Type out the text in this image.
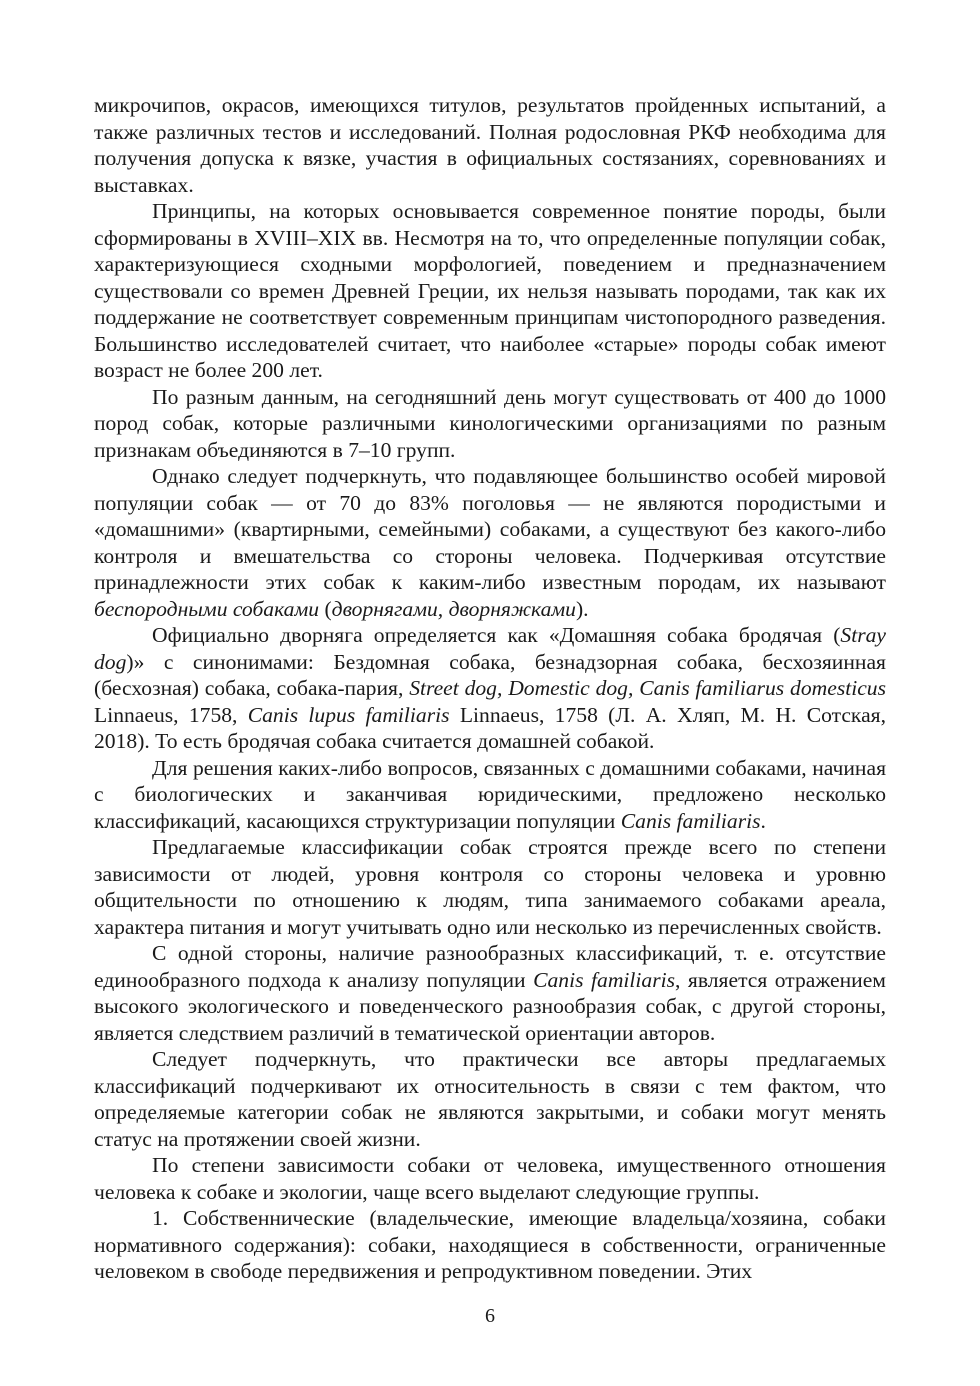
микрочипов, окрасов, имеющихся титулов, результатов пройденных испытаний, а также различных тестов и исследований. Полная родословная РКФ необходима для получения допуска к вязке, участия в официальных состязаниях, соревнованиях и выставках.

Принципы, на которых основывается современное понятие породы, были сформированы в XVIII–XIX вв. Несмотря на то, что определенные популяции собак, характеризующиеся сходными морфологией, поведением и предназначением существовали со времен Древней Греции, их нельзя называть породами, так как их поддержание не соответствует современным принципам чистопородного разведения. Большинство исследователей считает, что наиболее «старые» породы собак имеют возраст не более 200 лет.

По разным данным, на сегодняшний день могут существовать от 400 до 1000 пород собак, которые различными кинологическими организациями по разным признакам объединяются в 7–10 групп.

Однако следует подчеркнуть, что подавляющее большинство особей мировой популяции собак — от 70 до 83% поголовья — не являются породистыми и «домашними» (квартирными, семейными) собаками, а существуют без какого-либо контроля и вмешательства со стороны человека. Подчеркивая отсутствие принадлежности этих собак к каким-либо известным породам, их называют беспородными собаками (дворнягами, дворняжками).

Официально дворняга определяется как «Домашняя собака бродячая (Stray dog)» с синонимами: Бездомная собака, безнадзорная собака, бесхозяинная (бесхозная) собака, собака-пария, Street dog, Domestic dog, Canis familiarus domesticus Linnaeus, 1758, Canis lupus familiaris Linnaeus, 1758 (Л. А. Хляп, М. Н. Сотская, 2018). То есть бродячая собака считается домашней собакой.

Для решения каких-либо вопросов, связанных с домашними собаками, начиная с биологических и заканчивая юридическими, предложено несколько классификаций, касающихся структуризации популяции Canis familiaris.

Предлагаемые классификации собак строятся прежде всего по степени зависимости от людей, уровня контроля со стороны человека и уровню общительности по отношению к людям, типа занимаемого собаками ареала, характера питания и могут учитывать одно или несколько из перечисленных свойств.

С одной стороны, наличие разнообразных классификаций, т. е. отсутствие единообразного подхода к анализу популяции Canis familiaris, является отражением высокого экологического и поведенческого разнообразия собак, с другой стороны, является следствием различий в тематической ориентации авторов.

Следует подчеркнуть, что практически все авторы предлагаемых классификаций подчеркивают их относительность в связи с тем фактом, что определяемые категории собак не являются закрытыми, и собаки могут менять статус на протяжении своей жизни.

По степени зависимости собаки от человека, имущественного отношения человека к собаке и экологии, чаще всего выделают следующие группы.

1. Собственнические (владельческие, имеющие владельца/хозяина, собаки нормативного содержания): собаки, находящиеся в собственности, ограниченные человеком в свободе передвижения и репродуктивном поведении. Этих

6
